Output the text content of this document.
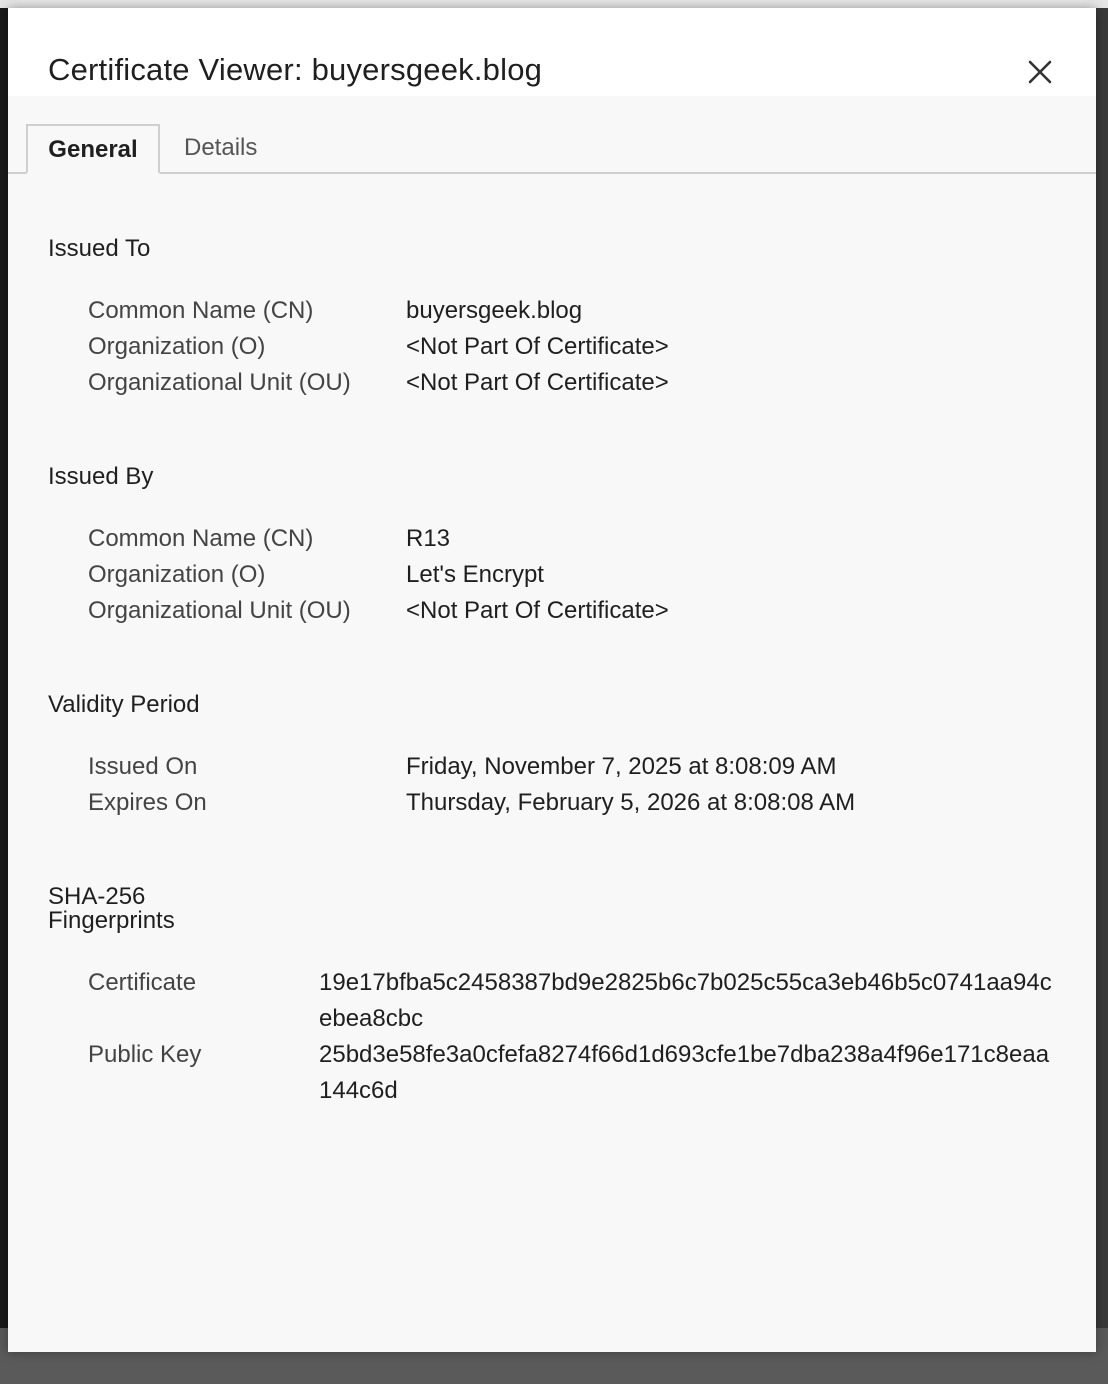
Certificate Viewer: buyersgeek.blog
General	Details
Issued To
Common Name (CN)	buyersgeek.blog
Organization (O)	<Not Part Of Certificate>
Organizational Unit (OU) <Not Part Of Certificate>
Issued By
Common Name (CN)	R13
Organization (O)	Let's Encrypt
Organizational Unit (OU) <Not Part Of Certificate>
Validity Period
Issued On	Friday, November 7, 2025 at 8:08:09 AM
Expires On	Thursday, February 5, 2026 at 8:08:08 AM
SHA-256
Fingerprints
Certificate	19e17bfba5c2458387bd9e2825b6c7b025c55ca3eb46b5c0741aa94cebea8cbc
Public Key	25bd3e58fe3a0cfefa8274f66d1d693cfe1be7dba238a4f96e171c8eaa144c6d
